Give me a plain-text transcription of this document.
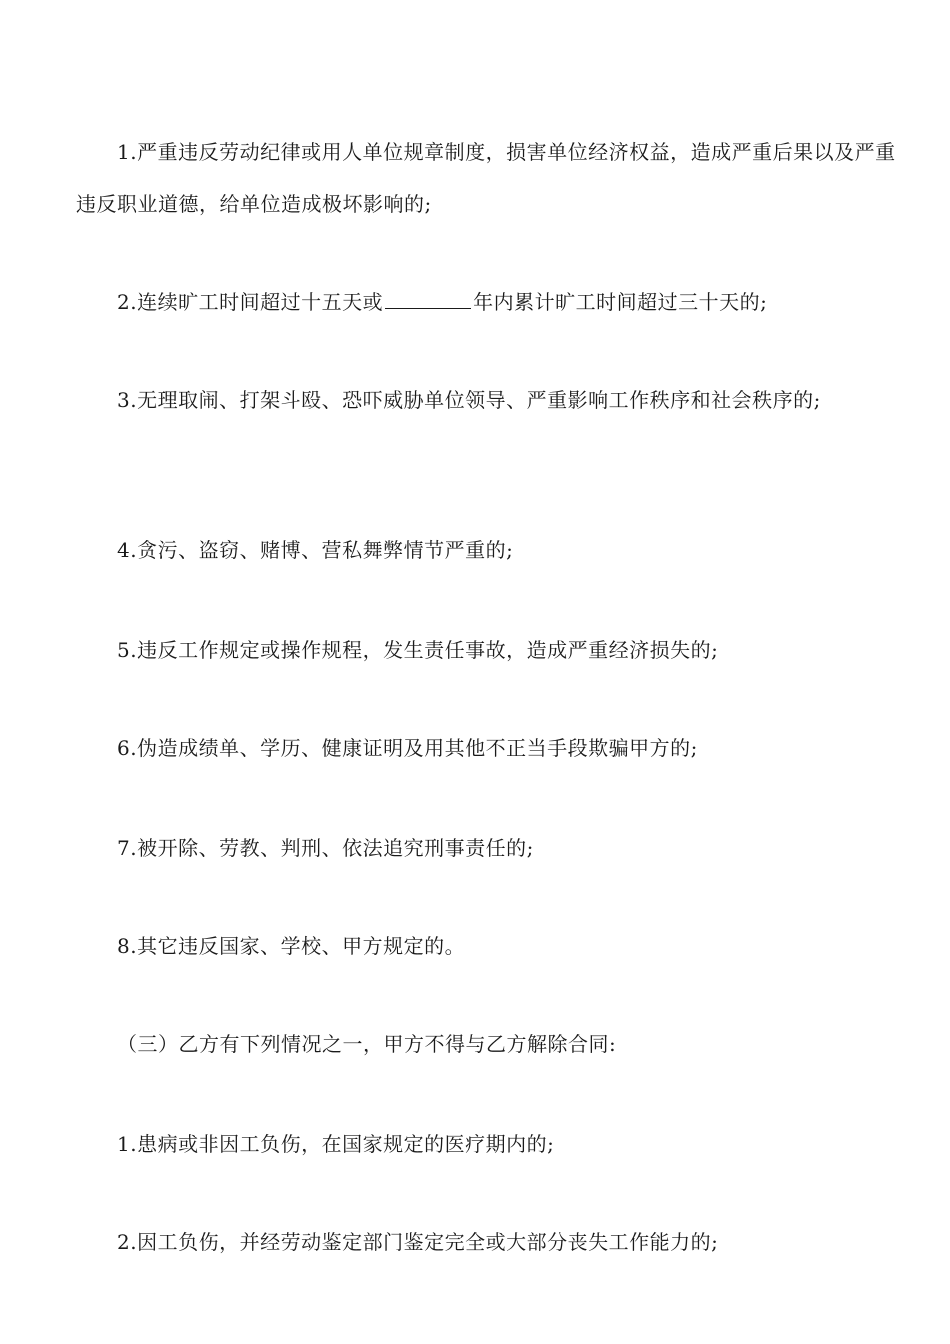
1.严重违反劳动纪律或用人单位规章制度，损害单位经济权益，造成严重后果以及严重违反职业道德，给单位造成极坏影响的;
2.连续旷工时间超过十五天或	年内累计旷工时间超过三十天的;
3.无理取闹、打架斗殴、恐吓威胁单位领导、严重影响工作秩序和社会秩序的;
4.贪污、盗窃、赌博、营私舞弊情节严重的;
5.违反工作规定或操作规程，发生责任事故，造成严重经济损失的;
6.伪造成绩单、学历、健康证明及用其他不正当手段欺骗甲方的;
7.被开除、劳教、判刑、依法追究刑事责任的;
8.其它违反国家、学校、甲方规定的。
（三）乙方有下列情况之一，甲方不得与乙方解除合同:
1.患病或非因工负伤，在国家规定的医疗期内的;
2.因工负伤，并经劳动鉴定部门鉴定完全或大部分丧失工作能力的;
